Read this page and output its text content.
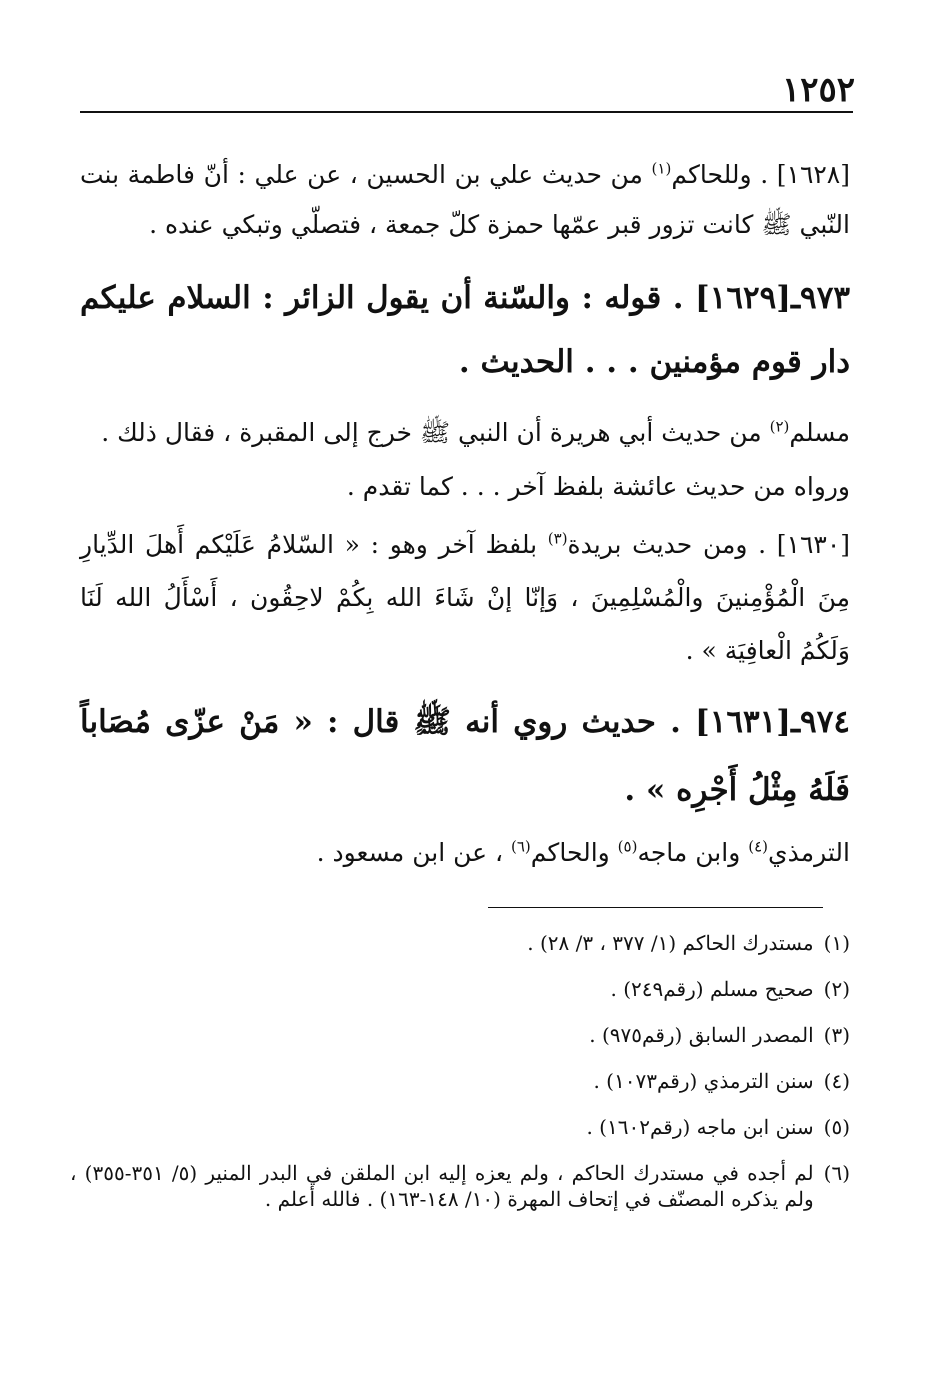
١٢٥٢

[١٦٢٨] . وللحاكم$^{(١)}$ من حديث علي بن الحسين ، عن علي : أنّ فاطمة بنت النّبي ﷺ كانت تزور قبر عمّها حمزة كلّ جمعة ، فتصلّي وتبكي عنده .

٩٧٣ـ[١٦٢٩] . قوله : والسّنة أن يقول الزائر : السلام عليكم دار قوم مؤمنين . . . الحديث .

مسلم$^{(٢)}$ من حديث أبي هريرة أن النبي ﷺ خرج إلى المقبرة ، فقال ذلك .

ورواه من حديث عائشة بلفظ آخر . . . كما تقدم .

[١٦٣٠] . ومن حديث بريدة$^{(٣)}$ بلفظ آخر وهو : « السّلامُ عَلَيْكم أَهلَ الدِّيارِ مِنَ الْمُؤْمِنينَ والْمُسْلِمِينَ ، وَإنّا إنْ شَاءَ الله بِكُمْ لاحِقُون ، أَسْأَلُ الله لَنَا وَلَكُمُ الْعافِيَة » .

٩٧٤ـ[١٦٣١] . حديث روي أنه ﷺ قال : « مَنْ عزّى مُصَاباً فَلَهُ مِثْلُ أَجْرِه » .

الترمذي$^{(٤)}$ وابن ماجه$^{(٥)}$ والحاكم$^{(٦)}$ ، عن ابن مسعود .

(١)
مستدرك الحاكم (١/ ٣٧٧ ، ٣/ ٢٨) .
(٢)
صحيح مسلم (رقم٢٤٩) .
(٣)
المصدر السابق (رقم٩٧٥) .
(٤)
سنن الترمذي (رقم١٠٧٣) .
(٥)
سنن ابن ماجه (رقم١٦٠٢) .
(٦)
لم أجده في مستدرك الحاكم ، ولم يعزه إليه ابن الملقن في البدر المنير (٥/ ٣٥١-٣٥٥) ، ولم يذكره المصنّف في إتحاف المهرة (١٠/ ١٤٨-١٦٣) . فالله أعلم .
